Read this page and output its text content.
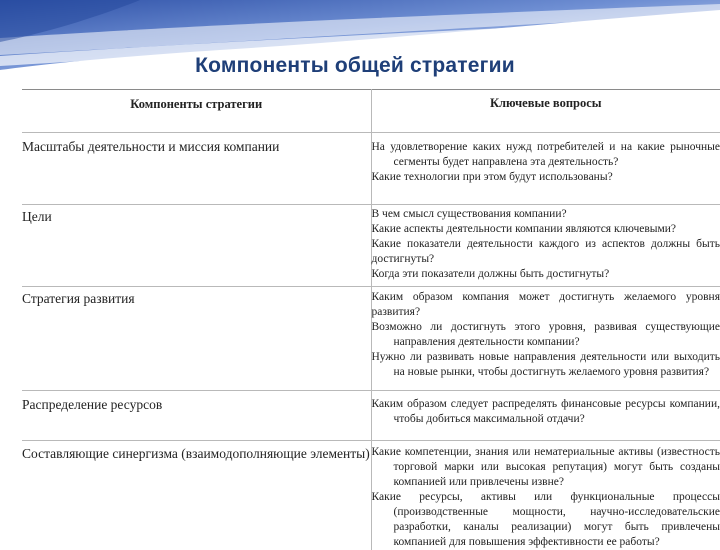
Компоненты общей стратегии
Компоненты стратегии	Ключевые вопросы

Масштабы деятельности и миссия компании	На удовлетворение каких нужд потребителей и на какие рыночные сегменты будет направлена эта деятельность?
Какие технологии при этом будут использованы?

Цели	В чем смысл существования компании?
Какие аспекты деятельности компании являются ключевыми?
Какие показатели деятельности каждого из аспектов должны быть достигнуты?
Когда эти показатели должны быть достигнуты?

Стратегия развития	Каким образом компания может достигнуть желаемого уровня развития?
Возможно ли достигнуть этого уровня, развивая существующие направления деятельности компании?
Нужно ли развивать новые направления деятельности или выходить на новые рынки, чтобы достигнуть желаемого уровня развития?

Распределение ресурсов	Каким образом следует распределять финансовые ресурсы компании, чтобы добиться максимальной отдачи?

Составляющие синергизма (взаимодополняющие элементы)	Какие компетенции, знания или нематериальные активы (известность торговой марки или высокая репутация) могут быть созданы компанией или привлечены извне?
Какие ресурсы, активы или функциональные процессы (производственные мощности, научно-исследовательские разработки, каналы реализации) могут быть привлечены компанией для повышения эффективности ее работы?
